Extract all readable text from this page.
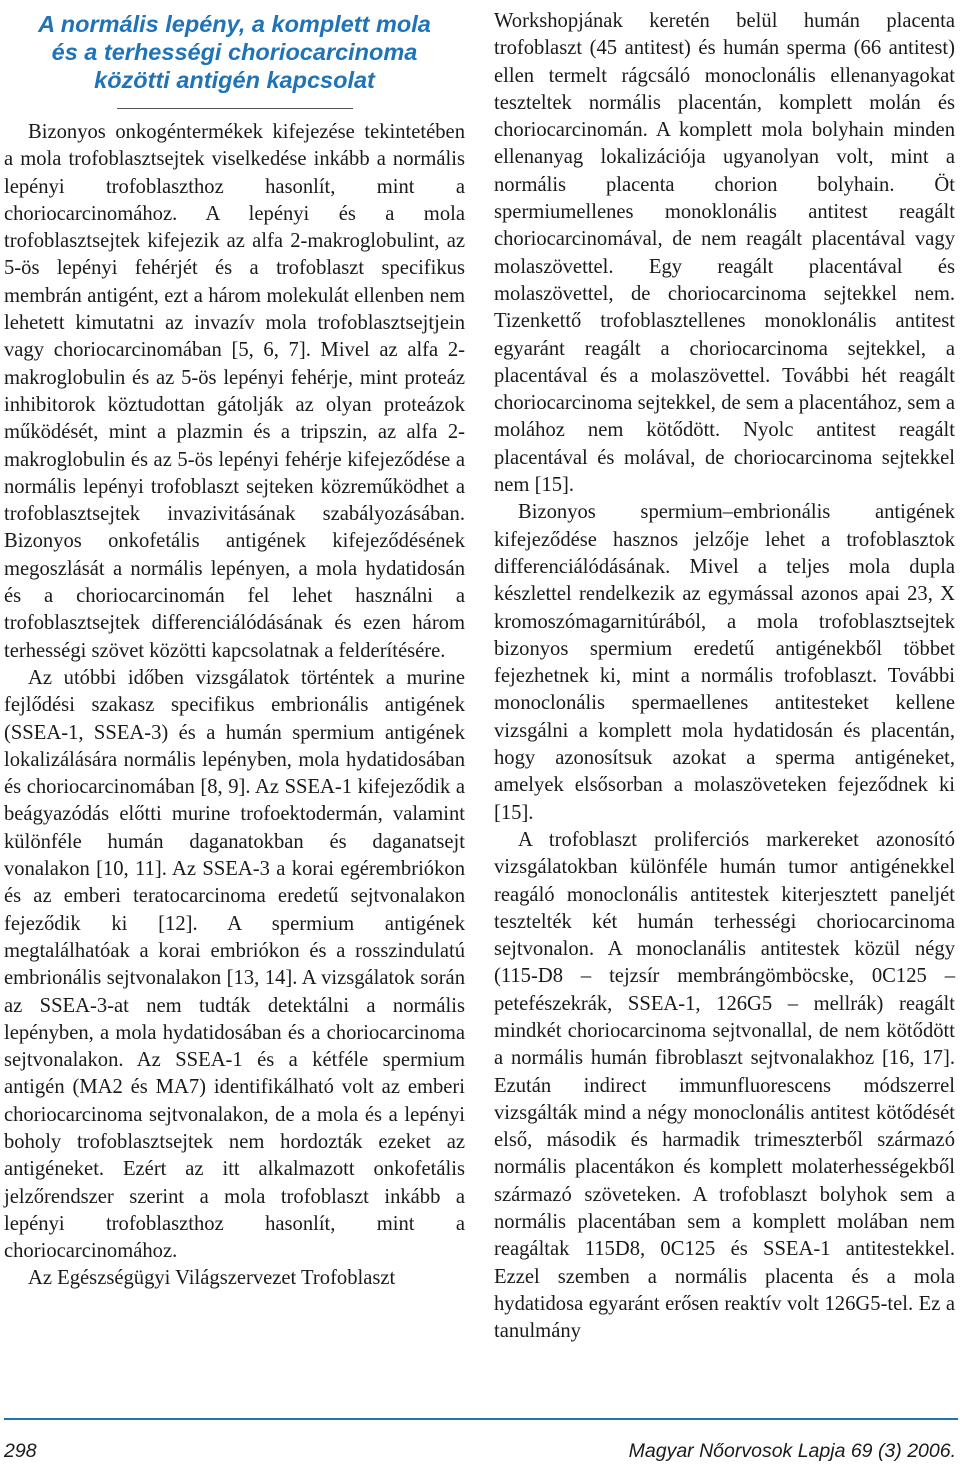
A normális lepény, a komplett mola
és a terhességi choriocarcinoma
közötti antigén kapcsolat

Bizonyos onkogéntermékek kifejezése tekintetében a mola trofoblasztsejtek viselkedése inkább a normális lepényi trofoblaszthoz hasonlít, mint a choriocarcinomához. A lepényi és a mola trofoblasztsejtek kifejezik az alfa 2-makroglobulint, az 5-ös lepényi fehérjét és a trofoblaszt specifikus membrán antigént, ezt a három molekulát ellenben nem lehetett kimutatni az invazív mola trofoblasztsejtjein vagy choriocarcinomában [5, 6, 7]. Mivel az alfa 2-makroglobulin és az 5-ös lepényi fehérje, mint proteáz inhibitorok köztudottan gátolják az olyan proteázok működését, mint a plazmin és a tripszin, az alfa 2-makroglobulin és az 5-ös lepényi fehérje kifejeződése a normális lepényi trofoblaszt sejteken közreműködhet a trofoblasztsejtek invazivitásának szabályozásában. Bizonyos onkofetális antigének kifejeződésének megoszlását a normális lepényen, a mola hydatidosán és a choriocarcinomán fel lehet használni a trofoblasztsejtek differenciálódásának és ezen három terhességi szövet közötti kapcsolatnak a felderítésére.

Az utóbbi időben vizsgálatok történtek a murine fejlődési szakasz specifikus embrionális antigének (SSEA-1, SSEA-3) és a humán spermium antigének lokalizálására normális lepényben, mola hydatidosában és choriocarcinomában [8, 9]. Az SSEA-1 kifejeződik a beágyazódás előtti murine trofoektodermán, valamint különféle humán daganatokban és daganatsejt vonalakon [10, 11]. Az SSEA-3 a korai egérembriókon és az emberi teratocarcinoma eredetű sejtvonalakon fejeződik ki [12]. A spermium antigének megtalálhatóak a korai embriókon és a rosszindulatú embrionális sejtvonalakon [13, 14]. A vizsgálatok során az SSEA-3-at nem tudták detektálni a normális lepényben, a mola hydatidosában és a choriocarcinoma sejtvonalakon. Az SSEA-1 és a kétféle spermium antigén (MA2 és MA7) identifikálható volt az emberi choriocarcinoma sejtvonalakon, de a mola és a lepényi boholy trofoblasztsejtek nem hordozták ezeket az antigéneket. Ezért az itt alkalmazott onkofetális jelzőrendszer szerint a mola trofoblaszt inkább a lepényi trofoblaszthoz hasonlít, mint a choriocarcinomához.

Az Egészségügyi Világszervezet Trofoblaszt

Workshopjának keretén belül humán placenta trofoblaszt (45 antitest) és humán sperma (66 antitest) ellen termelt rágcsáló monoclonális ellenanyagokat teszteltek normális placentán, komplett molán és choriocarcinomán. A komplett mola bolyhain minden ellenanyag lokalizációja ugyanolyan volt, mint a normális placenta chorion bolyhain. Öt spermiumellenes monoklonális antitest reagált choriocarcinomával, de nem reagált placentával vagy molaszövettel. Egy reagált placentával és molaszövettel, de choriocarcinoma sejtekkel nem. Tizenkettő trofoblasztellenes monoklonális antitest egyaránt reagált a choriocarcinoma sejtekkel, a placentával és a molaszövettel. További hét reagált choriocarcinoma sejtekkel, de sem a placentához, sem a molához nem kötődött. Nyolc antitest reagált placentával és molával, de choriocarcinoma sejtekkel nem [15].

Bizonyos spermium–embrionális antigének kifejeződése hasznos jelzője lehet a trofoblasztok differenciálódásának. Mivel a teljes mola dupla készlettel rendelkezik az egymással azonos apai 23, X kromoszómagarnitúrából, a mola trofoblasztsejtek bizonyos spermium eredetű antigénekből többet fejezhetnek ki, mint a normális trofoblaszt. További monoclonális spermaellenes antitesteket kellene vizsgálni a komplett mola hydatidosán és placentán, hogy azonosítsuk azokat a sperma antigéneket, amelyek elsősorban a molaszöveteken fejeződnek ki [15].

A trofoblaszt proliferciós markereket azonosító vizsgálatokban különféle humán tumor antigénekkel reagáló monoclonális antitestek kiterjesztett paneljét tesztelték két humán terhességi choriocarcinoma sejtvonalon. A monoclanális antitestek közül négy (115-D8 – tejzsír membrángömböcske, 0C125 – petefészekrák, SSEA-1, 126G5 – mellrák) reagált mindkét choriocarcinoma sejtvonallal, de nem kötődött a normális humán fibroblaszt sejtvonalakhoz [16, 17]. Ezután indirect immunfluorescens módszerrel vizsgálták mind a négy monoclonális antitest kötődését első, második és harmadik trimeszterből származó normális placentákon és komplett molaterhességekből származó szöveteken. A trofoblaszt bolyhok sem a normális placentában sem a komplett molában nem reagáltak 115D8, 0C125 és SSEA-1 antitestekkel. Ezzel szemben a normális placenta és a mola hydatidosa egyaránt erősen reaktív volt 126G5-tel. Ez a tanulmány

298	Magyar Nőorvosok Lapja 69 (3) 2006.
